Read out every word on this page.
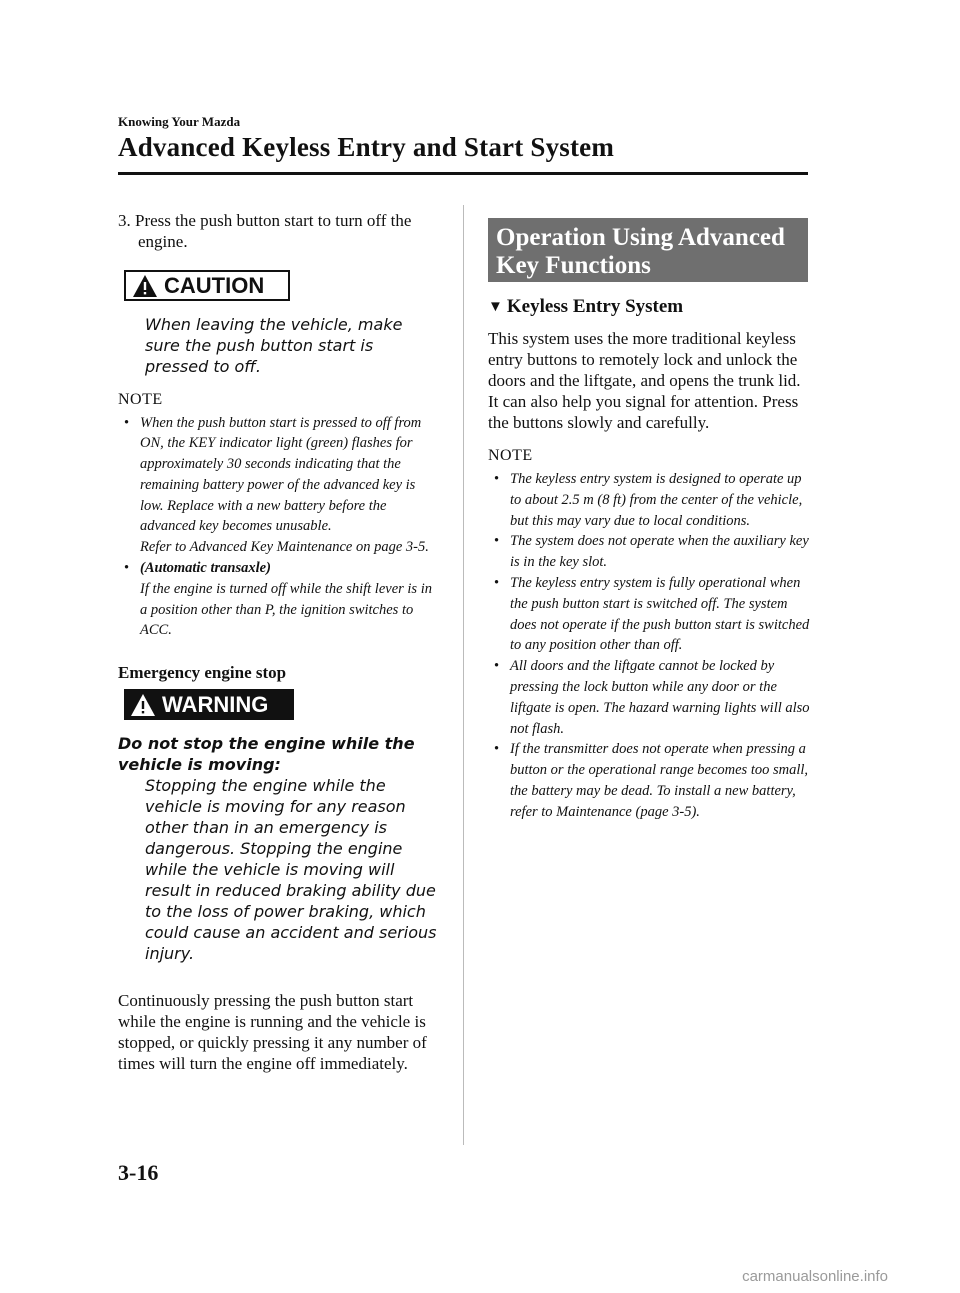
Knowing Your Mazda
Advanced Keyless Entry and Start System

3. Press the push button start to turn off the engine.

CAUTION
When leaving the vehicle, make sure the push button start is pressed to off.
NOTE
• When the push button start is pressed to off from ON, the KEY indicator light (green) flashes for approximately 30 seconds indicating that the remaining battery power of the advanced key is low. Replace with a new battery before the advanced key becomes unusable.
Refer to Advanced Key Maintenance on page 3-5.
• (Automatic transaxle)
If the engine is turned off while the shift lever is in a position other than P, the ignition switches to ACC.
Emergency engine stop
WARNING
Do not stop the engine while the vehicle is moving:
Stopping the engine while the vehicle is moving for any reason other than in an emergency is dangerous. Stopping the engine while the vehicle is moving will result in reduced braking ability due to the loss of power braking, which could cause an accident and serious injury.

Continuously pressing the push button start while the engine is running and the vehicle is stopped, or quickly pressing it any number of times will turn the engine off immediately.

Operation Using Advanced Key Functions
▼ Keyless Entry System

This system uses the more traditional keyless entry buttons to remotely lock and unlock the doors and the liftgate, and opens the trunk lid.

It can also help you signal for attention. Press the buttons slowly and carefully.

NOTE
• The keyless entry system is designed to operate up to about 2.5 m (8 ft) from the center of the vehicle, but this may vary due to local conditions.
• The system does not operate when the auxiliary key is in the key slot.
• The keyless entry system is fully operational when the push button start is switched off. The system does not operate if the push button start is switched to any position other than off.
• All doors and the liftgate cannot be locked by pressing the lock button while any door or the liftgate is open. The hazard warning lights will also not flash.
• If the transmitter does not operate when pressing a button or the operational range becomes too small, the battery may be dead. To install a new battery, refer to Maintenance (page 3-5).
3-16
carmanualsonline.info
